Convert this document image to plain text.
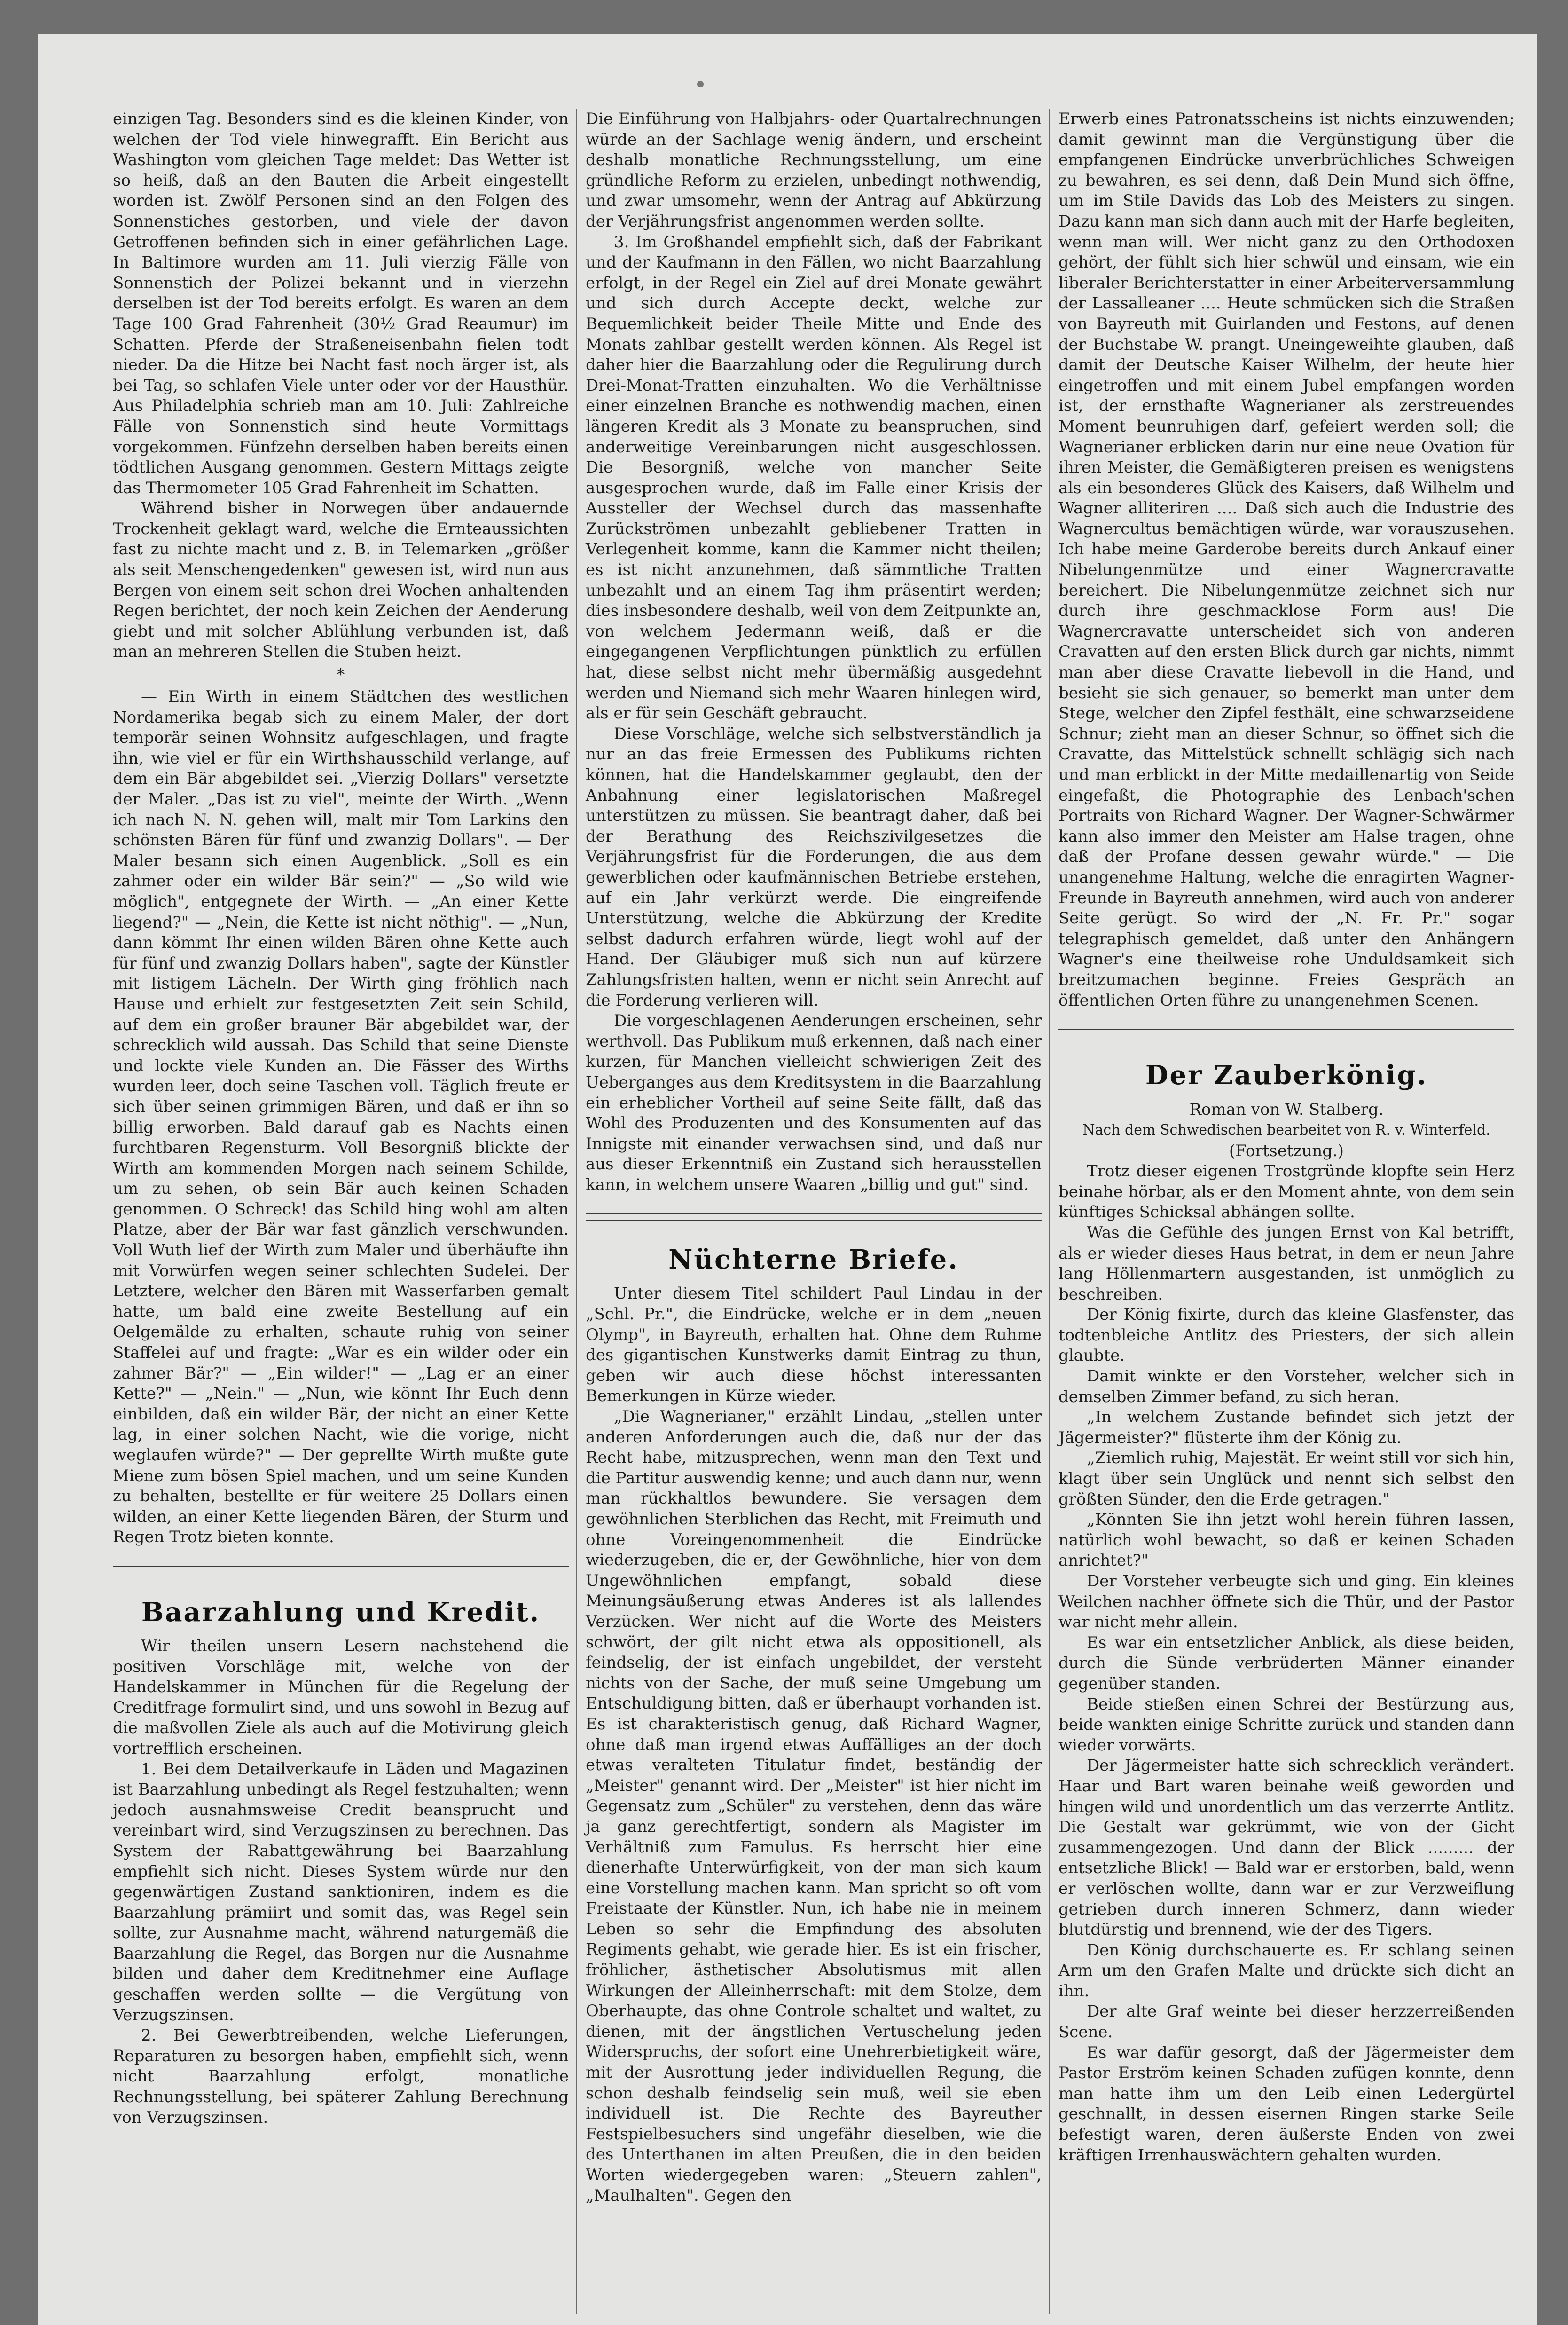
einzigen Tag. Besonders sind es die kleinen Kinder, von welchen der Tod viele hinwegrafft. Ein Bericht aus Washington vom gleichen Tage meldet: Das Wetter ist so heiß, daß an den Bauten die Arbeit eingestellt worden ist. Zwölf Personen sind an den Folgen des Sonnenstiches gestorben, und viele der davon Getroffenen befinden sich in einer gefährlichen Lage. In Baltimore wurden am 11. Juli vierzig Fälle von Sonnenstich der Polizei bekannt und in vierzehn derselben ist der Tod bereits erfolgt. Es waren an dem Tage 100 Grad Fahrenheit (30½ Grad Reaumur) im Schatten. Pferde der Straßeneisenbahn fielen todt nieder. Da die Hitze bei Nacht fast noch ärger ist, als bei Tag, so schlafen Viele unter oder vor der Hausthür. Aus Philadelphia schrieb man am 10. Juli: Zahlreiche Fälle von Sonnenstich sind heute Vormittags vorgekommen. Fünfzehn derselben haben bereits einen tödtlichen Ausgang genommen. Gestern Mittags zeigte das Thermometer 105 Grad Fahrenheit im Schatten.

Während bisher in Norwegen über andauernde Trockenheit geklagt ward, welche die Ernteaussichten fast zu nichte macht und z. B. in Telemarken „größer als seit Menschengedenken" gewesen ist, wird nun aus Bergen von einem seit schon drei Wochen anhaltenden Regen berichtet, der noch kein Zeichen der Aenderung giebt und mit solcher Ablühlung verbunden ist, daß man an mehreren Stellen die Stuben heizt.

*

— Ein Wirth in einem Städtchen des westlichen Nordamerika begab sich zu einem Maler, der dort temporär seinen Wohnsitz aufgeschlagen, und fragte ihn, wie viel er für ein Wirthshausschild verlange, auf dem ein Bär abgebildet sei. „Vierzig Dollars" versetzte der Maler. „Das ist zu viel", meinte der Wirth. „Wenn ich nach N. N. gehen will, malt mir Tom Larkins den schönsten Bären für fünf und zwanzig Dollars". — Der Maler besann sich einen Augenblick. „Soll es ein zahmer oder ein wilder Bär sein?" — „So wild wie möglich", entgegnete der Wirth. — „An einer Kette liegend?" — „Nein, die Kette ist nicht nöthig". — „Nun, dann kömmt Ihr einen wilden Bären ohne Kette auch für fünf und zwanzig Dollars haben", sagte der Künstler mit listigem Lächeln. Der Wirth ging fröhlich nach Hause und erhielt zur festgesetzten Zeit sein Schild, auf dem ein großer brauner Bär abgebildet war, der schrecklich wild aussah. Das Schild that seine Dienste und lockte viele Kunden an. Die Fässer des Wirths wurden leer, doch seine Taschen voll. Täglich freute er sich über seinen grimmigen Bären, und daß er ihn so billig erworben. Bald darauf gab es Nachts einen furchtbaren Regensturm. Voll Besorgniß blickte der Wirth am kommenden Morgen nach seinem Schilde, um zu sehen, ob sein Bär auch keinen Schaden genommen. O Schreck! das Schild hing wohl am alten Platze, aber der Bär war fast gänzlich verschwunden. Voll Wuth lief der Wirth zum Maler und überhäufte ihn mit Vorwürfen wegen seiner schlechten Sudelei. Der Letztere, welcher den Bären mit Wasserfarben gemalt hatte, um bald eine zweite Bestellung auf ein Oelgemälde zu erhalten, schaute ruhig von seiner Staffelei auf und fragte: „War es ein wilder oder ein zahmer Bär?" — „Ein wilder!" — „Lag er an einer Kette?" — „Nein." — „Nun, wie könnt Ihr Euch denn einbilden, daß ein wilder Bär, der nicht an einer Kette lag, in einer solchen Nacht, wie die vorige, nicht weglaufen würde?" — Der geprellte Wirth mußte gute Miene zum bösen Spiel machen, und um seine Kunden zu behalten, bestellte er für weitere 25 Dollars einen wilden, an einer Kette liegenden Bären, der Sturm und Regen Trotz bieten konnte.

Baarzahlung und Kredit.

Wir theilen unsern Lesern nachstehend die positiven Vorschläge mit, welche von der Handelskammer in München für die Regelung der Creditfrage formulirt sind, und uns sowohl in Bezug auf die maßvollen Ziele als auch auf die Motivirung gleich vortrefflich erscheinen.

1. Bei dem Detailverkaufe in Läden und Magazinen ist Baarzahlung unbedingt als Regel festzuhalten; wenn jedoch ausnahmsweise Credit beansprucht und vereinbart wird, sind Verzugszinsen zu berechnen. Das System der Rabattgewährung bei Baarzahlung empfiehlt sich nicht. Dieses System würde nur den gegenwärtigen Zustand sanktioniren, indem es die Baarzahlung prämiirt und somit das, was Regel sein sollte, zur Ausnahme macht, während naturgemäß die Baarzahlung die Regel, das Borgen nur die Ausnahme bilden und daher dem Kreditnehmer eine Auflage geschaffen werden sollte — die Vergütung von Verzugszinsen.

2. Bei Gewerbtreibenden, welche Lieferungen, Reparaturen zu besorgen haben, empfiehlt sich, wenn nicht Baarzahlung erfolgt, monatliche Rechnungsstellung, bei späterer Zahlung Berechnung von Verzugszinsen.

Die Einführung von Halbjahrs- oder Quartalrechnungen würde an der Sachlage wenig ändern, und erscheint deshalb monatliche Rechnungsstellung, um eine gründliche Reform zu erzielen, unbedingt nothwendig, und zwar umsomehr, wenn der Antrag auf Abkürzung der Verjährungsfrist angenommen werden sollte.

3. Im Großhandel empfiehlt sich, daß der Fabrikant und der Kaufmann in den Fällen, wo nicht Baarzahlung erfolgt, in der Regel ein Ziel auf drei Monate gewährt und sich durch Accepte deckt, welche zur Bequemlichkeit beider Theile Mitte und Ende des Monats zahlbar gestellt werden können. Als Regel ist daher hier die Baarzahlung oder die Regulirung durch Drei-Monat-Tratten einzuhalten. Wo die Verhältnisse einer einzelnen Branche es nothwendig machen, einen längeren Kredit als 3 Monate zu beanspruchen, sind anderweitige Vereinbarungen nicht ausgeschlossen. Die Besorgniß, welche von mancher Seite ausgesprochen wurde, daß im Falle einer Krisis der Aussteller der Wechsel durch das massenhafte Zurückströmen unbezahlt gebliebener Tratten in Verlegenheit komme, kann die Kammer nicht theilen; es ist nicht anzunehmen, daß sämmtliche Tratten unbezahlt und an einem Tag ihm präsentirt werden; dies insbesondere deshalb, weil von dem Zeitpunkte an, von welchem Jedermann weiß, daß er die eingegangenen Verpflichtungen pünktlich zu erfüllen hat, diese selbst nicht mehr übermäßig ausgedehnt werden und Niemand sich mehr Waaren hinlegen wird, als er für sein Geschäft gebraucht.

Diese Vorschläge, welche sich selbstverständlich ja nur an das freie Ermessen des Publikums richten können, hat die Handelskammer geglaubt, den der Anbahnung einer legislatorischen Maßregel unterstützen zu müssen. Sie beantragt daher, daß bei der Berathung des Reichszivilgesetzes die Verjährungsfrist für die Forderungen, die aus dem gewerblichen oder kaufmännischen Betriebe erstehen, auf ein Jahr verkürzt werde. Die eingreifende Unterstützung, welche die Abkürzung der Kredite selbst dadurch erfahren würde, liegt wohl auf der Hand. Der Gläubiger muß sich nun auf kürzere Zahlungsfristen halten, wenn er nicht sein Anrecht auf die Forderung verlieren will.

Die vorgeschlagenen Aenderungen erscheinen, sehr werthvoll. Das Publikum muß erkennen, daß nach einer kurzen, für Manchen vielleicht schwierigen Zeit des Ueberganges aus dem Kreditsystem in die Baarzahlung ein erheblicher Vortheil auf seine Seite fällt, daß das Wohl des Produzenten und des Konsumenten auf das Innigste mit einander verwachsen sind, und daß nur aus dieser Erkenntniß ein Zustand sich herausstellen kann, in welchem unsere Waaren „billig und gut" sind.

Nüchterne Briefe.

Unter diesem Titel schildert Paul Lindau in der „Schl. Pr.", die Eindrücke, welche er in dem „neuen Olymp", in Bayreuth, erhalten hat. Ohne dem Ruhme des gigantischen Kunstwerks damit Eintrag zu thun, geben wir auch diese höchst interessanten Bemerkungen in Kürze wieder.

„Die Wagnerianer," erzählt Lindau, „stellen unter anderen Anforderungen auch die, daß nur der das Recht habe, mitzusprechen, wenn man den Text und die Partitur auswendig kenne; und auch dann nur, wenn man rückhaltlos bewundere. Sie versagen dem gewöhnlichen Sterblichen das Recht, mit Freimuth und ohne Voreingenommenheit die Eindrücke wiederzugeben, die er, der Gewöhnliche, hier von dem Ungewöhnlichen empfangt, sobald diese Meinungsäußerung etwas Anderes ist als lallendes Verzücken. Wer nicht auf die Worte des Meisters schwört, der gilt nicht etwa als oppositionell, als feindselig, der ist einfach ungebildet, der versteht nichts von der Sache, der muß seine Umgebung um Entschuldigung bitten, daß er überhaupt vorhanden ist. Es ist charakteristisch genug, daß Richard Wagner, ohne daß man irgend etwas Auffälliges an der doch etwas veralteten Titulatur findet, beständig der „Meister" genannt wird. Der „Meister" ist hier nicht im Gegensatz zum „Schüler" zu verstehen, denn das wäre ja ganz gerechtfertigt, sondern als Magister im Verhältniß zum Famulus. Es herrscht hier eine dienerhafte Unterwürfigkeit, von der man sich kaum eine Vorstellung machen kann. Man spricht so oft vom Freistaate der Künstler. Nun, ich habe nie in meinem Leben so sehr die Empfindung des absoluten Regiments gehabt, wie gerade hier. Es ist ein frischer, fröhlicher, ästhetischer Absolutismus mit allen Wirkungen der Alleinherrschaft: mit dem Stolze, dem Oberhaupte, das ohne Controle schaltet und waltet, zu dienen, mit der ängstlichen Vertuschelung jeden Widerspruchs, der sofort eine Unehrerbietigkeit wäre, mit der Ausrottung jeder individuellen Regung, die schon deshalb feindselig sein muß, weil sie eben individuell ist. Die Rechte des Bayreuther Festspielbesuchers sind ungefähr dieselben, wie die des Unterthanen im alten Preußen, die in den beiden Worten wiedergegeben waren: „Steuern zahlen", „Maulhalten". Gegen den

Erwerb eines Patronatsscheins ist nichts einzuwenden; damit gewinnt man die Vergünstigung über die empfangenen Eindrücke unverbrüchliches Schweigen zu bewahren, es sei denn, daß Dein Mund sich öffne, um im Stile Davids das Lob des Meisters zu singen. Dazu kann man sich dann auch mit der Harfe begleiten, wenn man will. Wer nicht ganz zu den Orthodoxen gehört, der fühlt sich hier schwül und einsam, wie ein liberaler Berichterstatter in einer Arbeiterversammlung der Lassalleaner .... Heute schmücken sich die Straßen von Bayreuth mit Guirlanden und Festons, auf denen der Buchstabe W. prangt. Uneingeweihte glauben, daß damit der Deutsche Kaiser Wilhelm, der heute hier eingetroffen und mit einem Jubel empfangen worden ist, der ernsthafte Wagnerianer als zerstreuendes Moment beunruhigen darf, gefeiert werden soll; die Wagnerianer erblicken darin nur eine neue Ovation für ihren Meister, die Gemäßigteren preisen es wenigstens als ein besonderes Glück des Kaisers, daß Wilhelm und Wagner alliteriren .... Daß sich auch die Industrie des Wagnercultus bemächtigen würde, war vorauszusehen. Ich habe meine Garderobe bereits durch Ankauf einer Nibelungenmütze und einer Wagnercravatte bereichert. Die Nibelungenmütze zeichnet sich nur durch ihre geschmacklose Form aus! Die Wagnercravatte unterscheidet sich von anderen Cravatten auf den ersten Blick durch gar nichts, nimmt man aber diese Cravatte liebevoll in die Hand, und besieht sie sich genauer, so bemerkt man unter dem Stege, welcher den Zipfel festhält, eine schwarzseidene Schnur; zieht man an dieser Schnur, so öffnet sich die Cravatte, das Mittelstück schnellt schlägig sich nach und man erblickt in der Mitte medaillenartig von Seide eingefaßt, die Photographie des Lenbach'schen Portraits von Richard Wagner. Der Wagner-Schwärmer kann also immer den Meister am Halse tragen, ohne daß der Profane dessen gewahr würde." — Die unangenehme Haltung, welche die enragirten Wagner-Freunde in Bayreuth annehmen, wird auch von anderer Seite gerügt. So wird der „N. Fr. Pr." sogar telegraphisch gemeldet, daß unter den Anhängern Wagner's eine theilweise rohe Unduldsamkeit sich breitzumachen beginne. Freies Gespräch an öffentlichen Orten führe zu unangenehmen Scenen.

Der Zauberkönig.

Roman von W. Stalberg.

Nach dem Schwedischen bearbeitet von R. v. Winterfeld.

(Fortsetzung.)

Trotz dieser eigenen Trostgründe klopfte sein Herz beinahe hörbar, als er den Moment ahnte, von dem sein künftiges Schicksal abhängen sollte.

Was die Gefühle des jungen Ernst von Kal betrifft, als er wieder dieses Haus betrat, in dem er neun Jahre lang Höllenmartern ausgestanden, ist unmöglich zu beschreiben.

Der König fixirte, durch das kleine Glasfenster, das todtenbleiche Antlitz des Priesters, der sich allein glaubte.

Damit winkte er den Vorsteher, welcher sich in demselben Zimmer befand, zu sich heran.

„In welchem Zustande befindet sich jetzt der Jägermeister?" flüsterte ihm der König zu.

„Ziemlich ruhig, Majestät. Er weint still vor sich hin, klagt über sein Unglück und nennt sich selbst den größten Sünder, den die Erde getragen."

„Könnten Sie ihn jetzt wohl herein führen lassen, natürlich wohl bewacht, so daß er keinen Schaden anrichtet?"

Der Vorsteher verbeugte sich und ging. Ein kleines Weilchen nachher öffnete sich die Thür, und der Pastor war nicht mehr allein.

Es war ein entsetzlicher Anblick, als diese beiden, durch die Sünde verbrüderten Männer einander gegenüber standen.

Beide stießen einen Schrei der Bestürzung aus, beide wankten einige Schritte zurück und standen dann wieder vorwärts.

Der Jägermeister hatte sich schrecklich verändert. Haar und Bart waren beinahe weiß geworden und hingen wild und unordentlich um das verzerrte Antlitz. Die Gestalt war gekrümmt, wie von der Gicht zusammengezogen. Und dann der Blick ......... der entsetzliche Blick! — Bald war er erstorben, bald, wenn er verlöschen wollte, dann war er zur Verzweiflung getrieben durch inneren Schmerz, dann wieder blutdürstig und brennend, wie der des Tigers.

Den König durchschauerte es. Er schlang seinen Arm um den Grafen Malte und drückte sich dicht an ihn.

Der alte Graf weinte bei dieser herzzerreißenden Scene.

Es war dafür gesorgt, daß der Jägermeister dem Pastor Erström keinen Schaden zufügen konnte, denn man hatte ihm um den Leib einen Ledergürtel geschnallt, in dessen eisernen Ringen starke Seile befestigt waren, deren äußerste Enden von zwei kräftigen Irrenhauswächtern gehalten wurden.
